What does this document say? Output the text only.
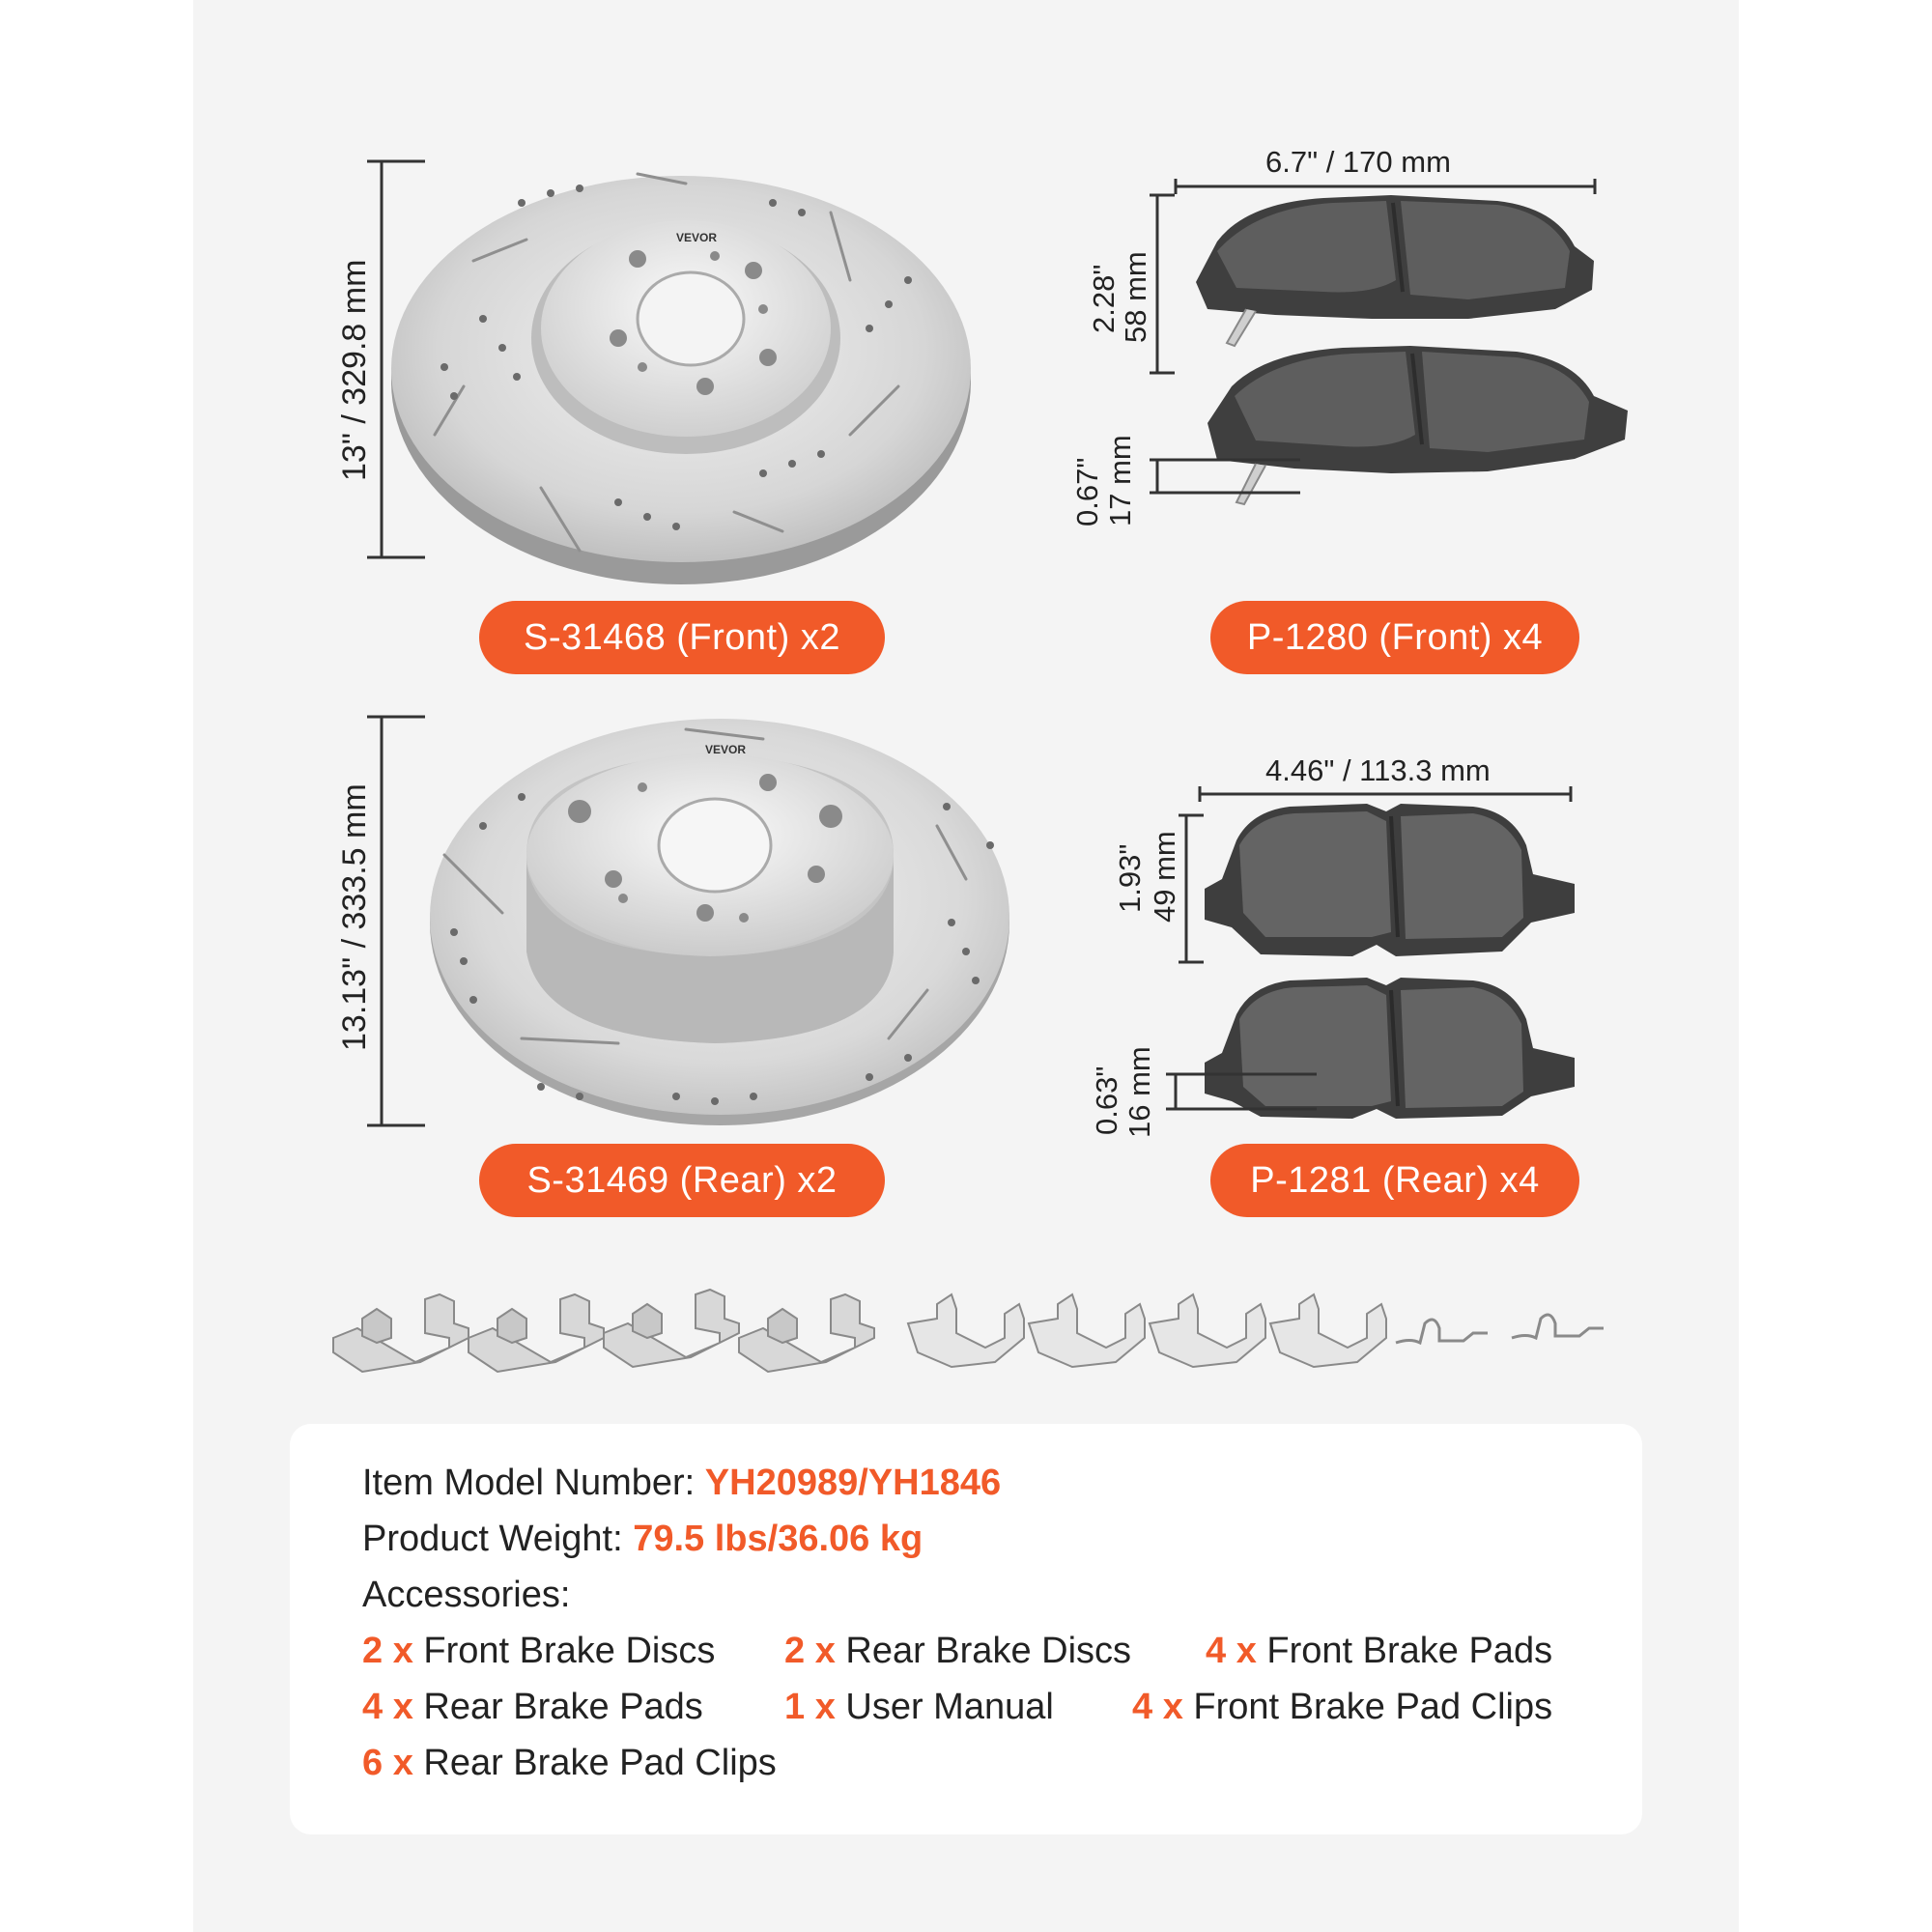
VEVOR
13" / 329.8 mm
S-31468 (Front) x2
6.7" / 170 mm
2.28"
58 mm
0.67" 17 mm
P-1280 (Front) x4
VEVOR
13.13" / 333.5 mm
S-31469 (Rear) x2
4.46" / 113.3 mm
1.93" 49 mm
0.63" 16 mm
P-1281 (Rear) x4
Item Model Number: YH20989/YH1846
Product Weight: 79.5 lbs/36.06 kg
Accessories:
2 x Front Brake Discs 2 x Rear Brake Discs 4 x Front Brake Pads
4 x Rear Brake Pads 1 x User Manual 4 x Front Brake Pad Clips
6 x Rear Brake Pad Clips
